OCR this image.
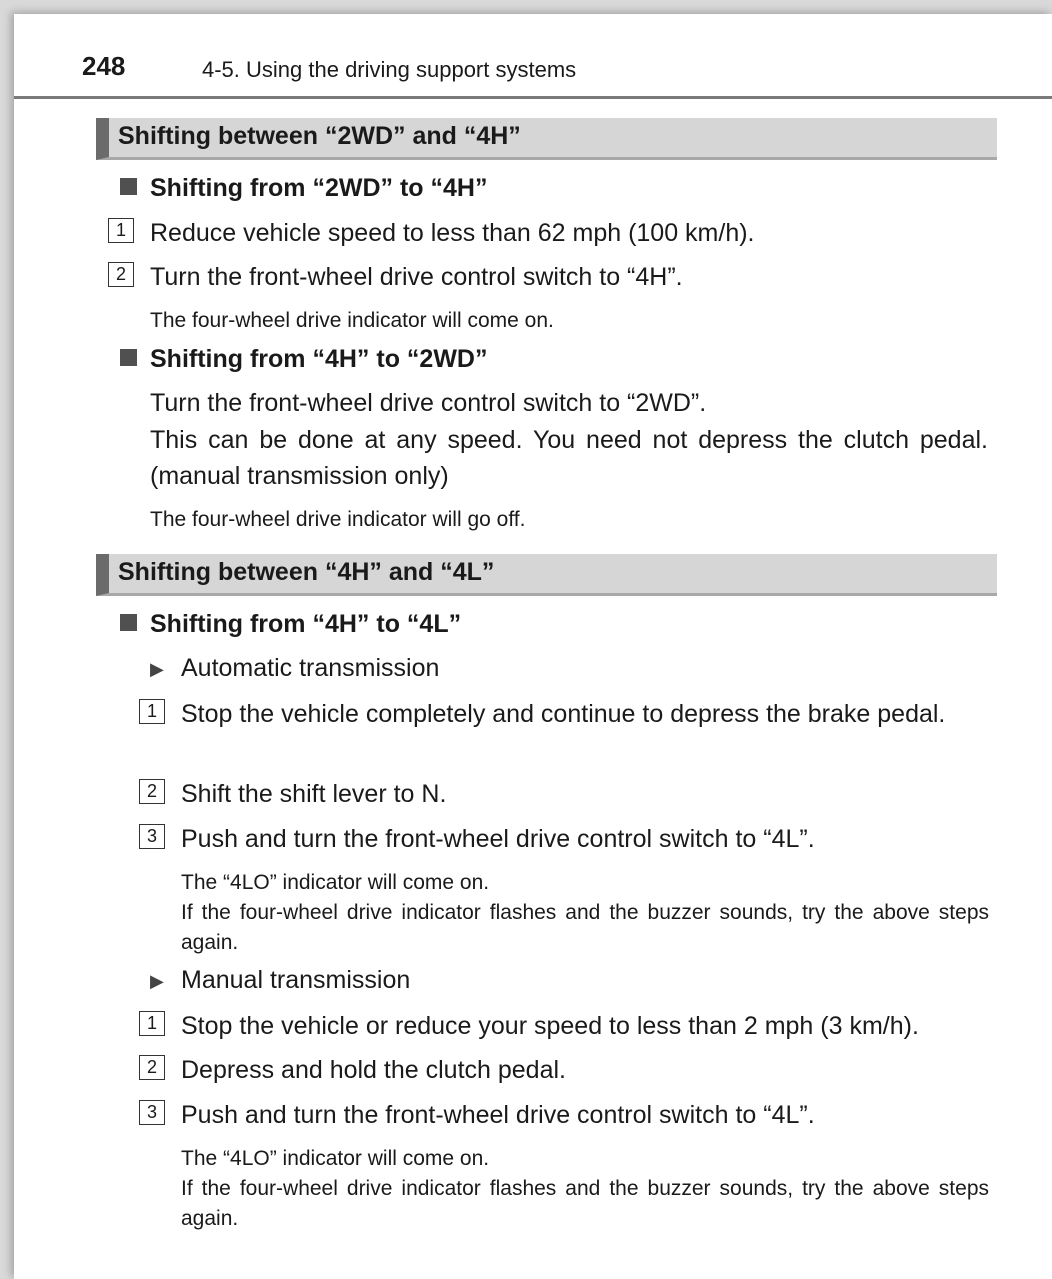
248	4-5. Using the driving support systems
Shifting between “2WD” and “4H”
Shifting from “2WD” to “4H”
1 Reduce vehicle speed to less than 62 mph (100 km/h).
2 Turn the front-wheel drive control switch to “4H”.
The four-wheel drive indicator will come on.
Shifting from “4H” to “2WD”
Turn the front-wheel drive control switch to “2WD”.
This can be done at any speed. You need not depress the clutch pedal. (manual transmission only)
The four-wheel drive indicator will go off.
Shifting between “4H” and “4L”
Shifting from “4H” to “4L”
▶ Automatic transmission
1 Stop the vehicle completely and continue to depress the brake pedal.
2 Shift the shift lever to N.
3 Push and turn the front-wheel drive control switch to “4L”.
The “4LO” indicator will come on.
If the four-wheel drive indicator flashes and the buzzer sounds, try the above steps again.
▶ Manual transmission
1 Stop the vehicle or reduce your speed to less than 2 mph (3 km/h).
2 Depress and hold the clutch pedal.
3 Push and turn the front-wheel drive control switch to “4L”.
The “4LO” indicator will come on.
If the four-wheel drive indicator flashes and the buzzer sounds, try the above steps again.
